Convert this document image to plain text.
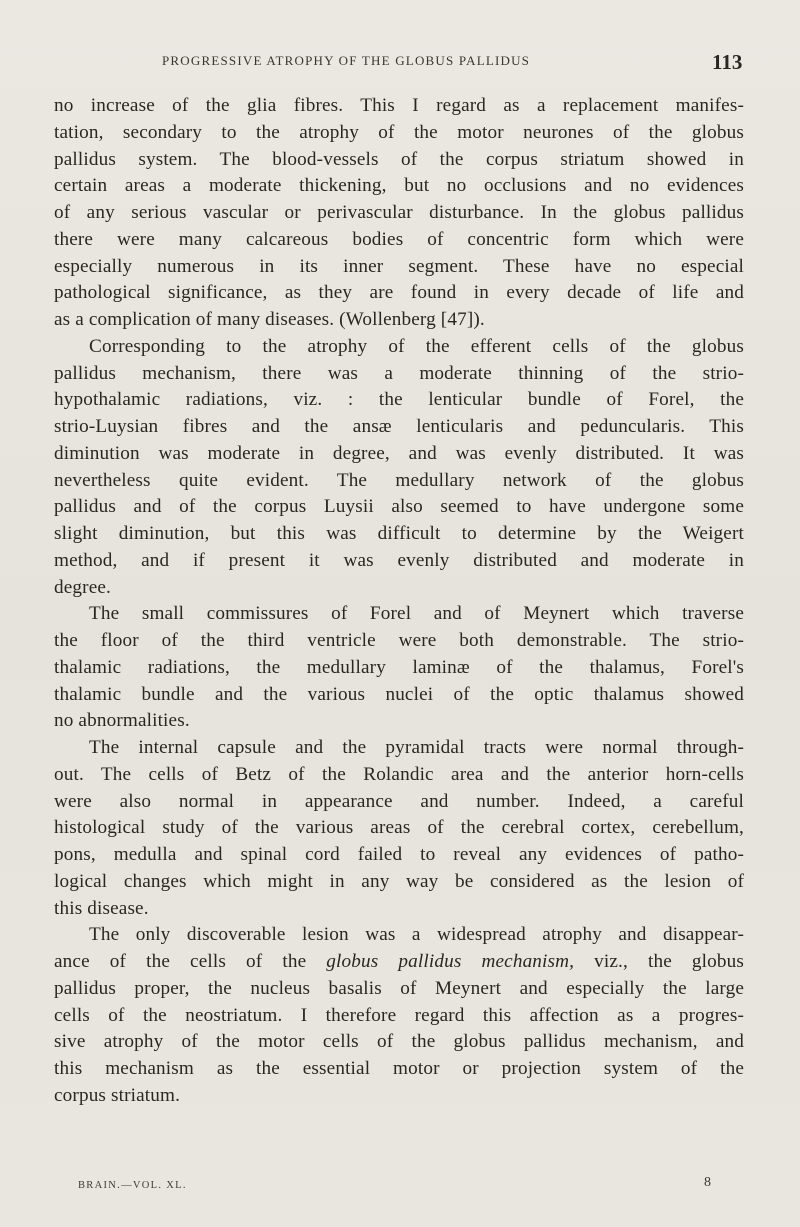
PROGRESSIVE ATROPHY OF THE GLOBUS PALLIDUS	113

no increase of the glia fibres. This I regard as a replacement manifes-
tation, secondary to the atrophy of the motor neurones of the globus
pallidus system. The blood-vessels of the corpus striatum showed in
certain areas a moderate thickening, but no occlusions and no evidences
of any serious vascular or perivascular disturbance. In the globus pallidus
there were many calcareous bodies of concentric form which were
especially numerous in its inner segment. These have no especial
pathological significance, as they are found in every decade of life and
as a complication of many diseases. (Wollenberg [47]).

Corresponding to the atrophy of the efferent cells of the globus
pallidus mechanism, there was a moderate thinning of the strio-
hypothalamic radiations, viz. : the lenticular bundle of Forel, the
strio-Luysian fibres and the ansæ lenticularis and peduncularis. This
diminution was moderate in degree, and was evenly distributed. It was
nevertheless quite evident. The medullary network of the globus
pallidus and of the corpus Luysii also seemed to have undergone some
slight diminution, but this was difficult to determine by the Weigert
method, and if present it was evenly distributed and moderate in
degree.

The small commissures of Forel and of Meynert which traverse
the floor of the third ventricle were both demonstrable. The strio-
thalamic radiations, the medullary laminæ of the thalamus, Forel's
thalamic bundle and the various nuclei of the optic thalamus showed
no abnormalities.

The internal capsule and the pyramidal tracts were normal through-
out. The cells of Betz of the Rolandic area and the anterior horn-cells
were also normal in appearance and number. Indeed, a careful
histological study of the various areas of the cerebral cortex, cerebellum,
pons, medulla and spinal cord failed to reveal any evidences of patho-
logical changes which might in any way be considered as the lesion of
this disease.

The only discoverable lesion was a widespread atrophy and disappear-
ance of the cells of the globus pallidus mechanism, viz., the globus
pallidus proper, the nucleus basalis of Meynert and especially the large
cells of the neostriatum. I therefore regard this affection as a progres-
sive atrophy of the motor cells of the globus pallidus mechanism, and
this mechanism as the essential motor or projection system of the
corpus striatum.

BRAIN.—VOL. XL.	8
